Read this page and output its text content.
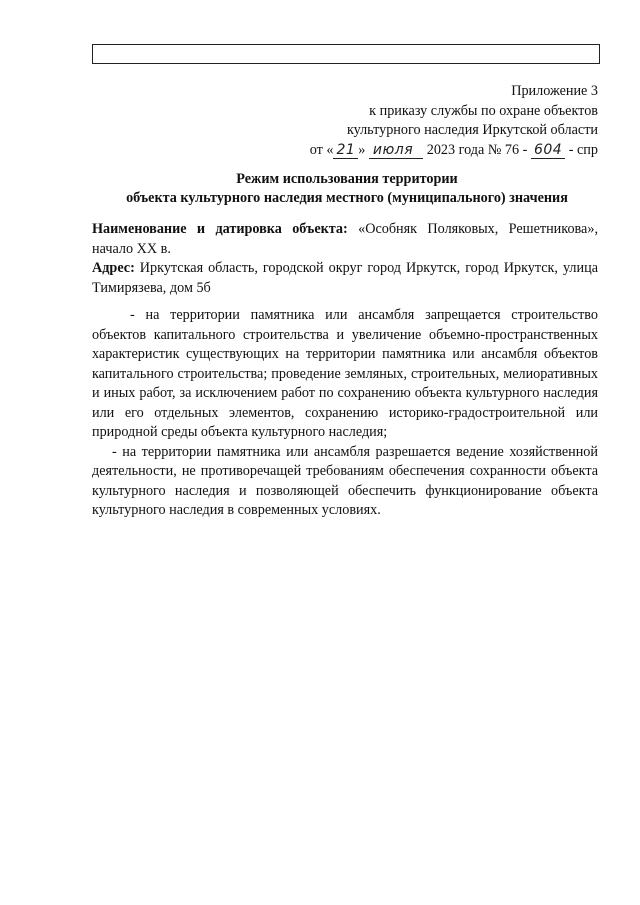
Приложение 3
к приказу службы по охране объектов
культурного наследия Иркутской области
от « 21 » июля 2023 года № 76 - 604 - спр
Режим использования территории
объекта культурного наследия местного (муниципального) значения
Наименование и датировка объекта: «Особняк Поляковых, Решетникова», начало XX в.
Адрес: Иркутская область, городской округ город Иркутск, город Иркутск, улица Тимирязева, дом 5б

- на территории памятника или ансамбля запрещается строительство объектов капитального строительства и увеличение объемно-пространственных характеристик существующих на территории памятника или ансамбля объектов капитального строительства; проведение земляных, строительных, мелиоративных и иных работ, за исключением работ по сохранению объекта культурного наследия или его отдельных элементов, сохранению историко-градостроительной или природной среды объекта культурного наследия;

- на территории памятника или ансамбля разрешается ведение хозяйственной деятельности, не противоречащей требованиям обеспечения сохранности объекта культурного наследия и позволяющей обеспечить функционирование объекта культурного наследия в современных условиях.
